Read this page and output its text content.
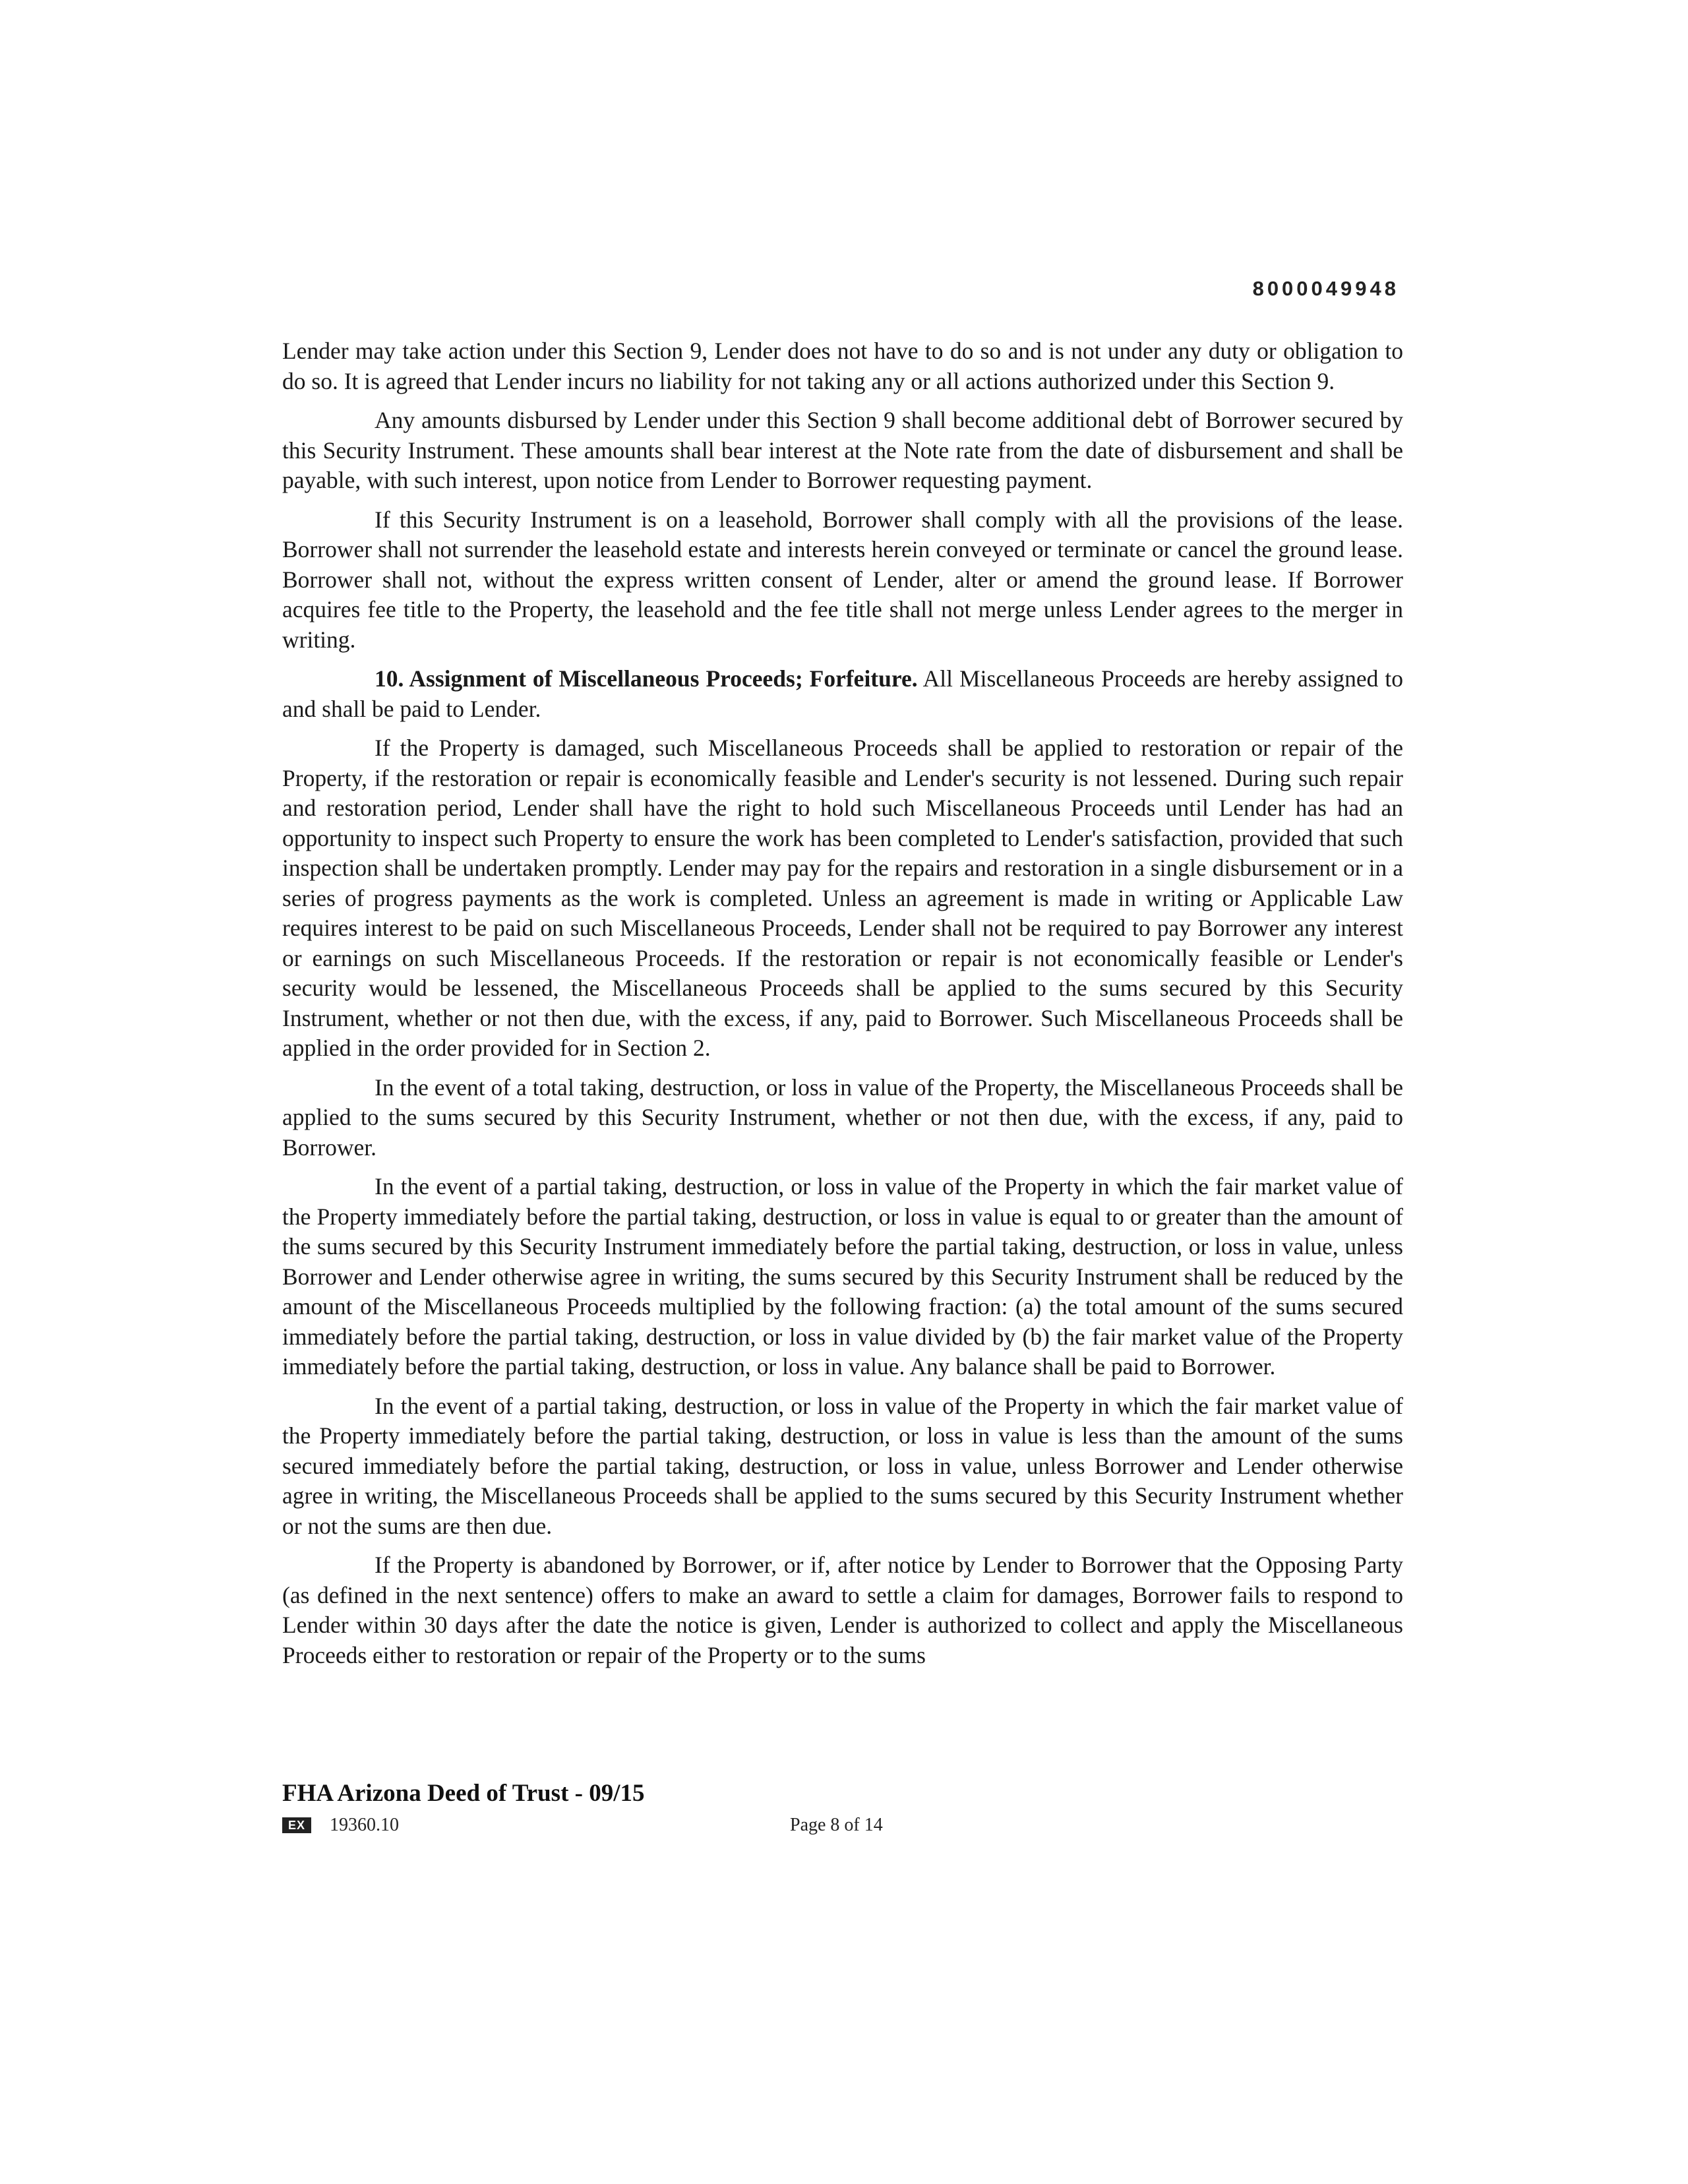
8000049948

Lender may take action under this Section 9, Lender does not have to do so and is not under any duty or obligation to do so. It is agreed that Lender incurs no liability for not taking any or all actions authorized under this Section 9.

Any amounts disbursed by Lender under this Section 9 shall become additional debt of Borrower secured by this Security Instrument. These amounts shall bear interest at the Note rate from the date of disbursement and shall be payable, with such interest, upon notice from Lender to Borrower requesting payment.

If this Security Instrument is on a leasehold, Borrower shall comply with all the provisions of the lease. Borrower shall not surrender the leasehold estate and interests herein conveyed or terminate or cancel the ground lease. Borrower shall not, without the express written consent of Lender, alter or amend the ground lease. If Borrower acquires fee title to the Property, the leasehold and the fee title shall not merge unless Lender agrees to the merger in writing.

10. Assignment of Miscellaneous Proceeds; Forfeiture. All Miscellaneous Proceeds are hereby assigned to and shall be paid to Lender.

If the Property is damaged, such Miscellaneous Proceeds shall be applied to restoration or repair of the Property, if the restoration or repair is economically feasible and Lender's security is not lessened. During such repair and restoration period, Lender shall have the right to hold such Miscellaneous Proceeds until Lender has had an opportunity to inspect such Property to ensure the work has been completed to Lender's satisfaction, provided that such inspection shall be undertaken promptly. Lender may pay for the repairs and restoration in a single disbursement or in a series of progress payments as the work is completed. Unless an agreement is made in writing or Applicable Law requires interest to be paid on such Miscellaneous Proceeds, Lender shall not be required to pay Borrower any interest or earnings on such Miscellaneous Proceeds. If the restoration or repair is not economically feasible or Lender's security would be lessened, the Miscellaneous Proceeds shall be applied to the sums secured by this Security Instrument, whether or not then due, with the excess, if any, paid to Borrower. Such Miscellaneous Proceeds shall be applied in the order provided for in Section 2.

In the event of a total taking, destruction, or loss in value of the Property, the Miscellaneous Proceeds shall be applied to the sums secured by this Security Instrument, whether or not then due, with the excess, if any, paid to Borrower.

In the event of a partial taking, destruction, or loss in value of the Property in which the fair market value of the Property immediately before the partial taking, destruction, or loss in value is equal to or greater than the amount of the sums secured by this Security Instrument immediately before the partial taking, destruction, or loss in value, unless Borrower and Lender otherwise agree in writing, the sums secured by this Security Instrument shall be reduced by the amount of the Miscellaneous Proceeds multiplied by the following fraction: (a) the total amount of the sums secured immediately before the partial taking, destruction, or loss in value divided by (b) the fair market value of the Property immediately before the partial taking, destruction, or loss in value. Any balance shall be paid to Borrower.

In the event of a partial taking, destruction, or loss in value of the Property in which the fair market value of the Property immediately before the partial taking, destruction, or loss in value is less than the amount of the sums secured immediately before the partial taking, destruction, or loss in value, unless Borrower and Lender otherwise agree in writing, the Miscellaneous Proceeds shall be applied to the sums secured by this Security Instrument whether or not the sums are then due.

If the Property is abandoned by Borrower, or if, after notice by Lender to Borrower that the Opposing Party (as defined in the next sentence) offers to make an award to settle a claim for damages, Borrower fails to respond to Lender within 30 days after the date the notice is given, Lender is authorized to collect and apply the Miscellaneous Proceeds either to restoration or repair of the Property or to the sums

FHA Arizona Deed of Trust - 09/15
EX	19360.10	Page 8 of 14
